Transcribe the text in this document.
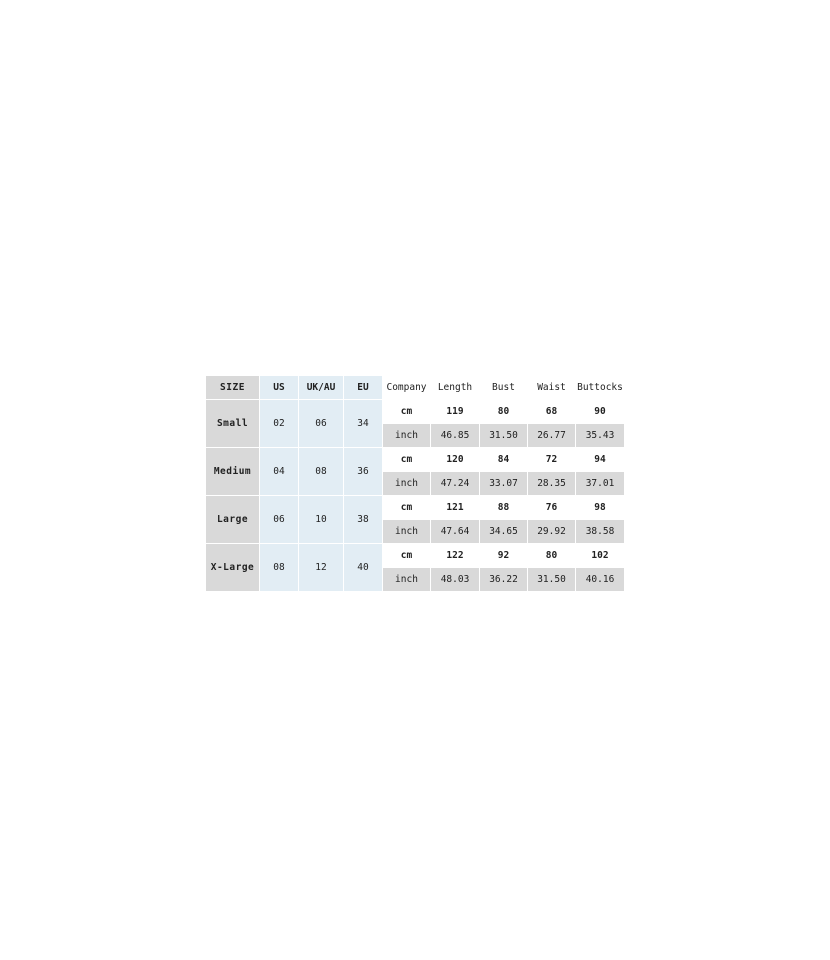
SIZE	US	UK/AU	EU	Company	Length	Bust	Waist	Buttocks
Small	02	06	34	cm	119	80	68	90
				inch	46.85	31.50	26.77	35.43
Medium	04	08	36	cm	120	84	72	94
				inch	47.24	33.07	28.35	37.01
Large	06	10	38	cm	121	88	76	98
				inch	47.64	34.65	29.92	38.58
X-Large	08	12	40	cm	122	92	80	102
				inch	48.03	36.22	31.50	40.16
